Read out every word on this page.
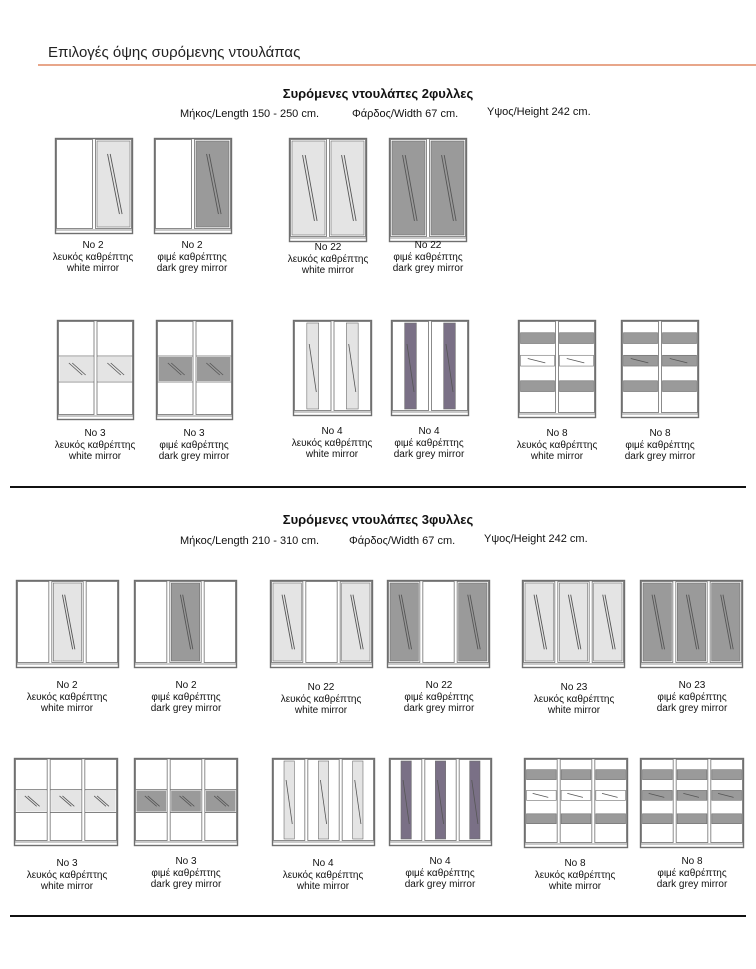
Επιλογές όψης συρόμενης ντουλάπας
Συρόμενες ντουλάπες 2φυλλες
Μήκος/Length 150 - 250 cm.	Φάρδος/Width 67 cm.	Υψος/Height 242 cm.
Συρόμενες ντουλάπες 3φυλλες
Μήκος/Length 210 - 310 cm.	Φάρδος/Width 67 cm.	Υψος/Height 242 cm.
No 2
λευκός καθρέπτης
white mirror
No 2
φιμέ καθρέπτης
dark grey mirror
No 22
λευκός καθρέπτης
white mirror
No 22
φιμέ καθρέπτης
dark grey mirror
No 3
λευκός καθρέπτης
white mirror
No 3
φιμέ καθρέπτης
dark grey mirror
No 4
λευκός καθρέπτης
white mirror
No 4
φιμέ καθρέπτης
dark grey mirror
No 8
λευκός καθρέπτης
white mirror
No 8
φιμέ καθρέπτης
dark grey mirror
No 2
λευκός καθρέπτης
white mirror
No 2
φιμέ καθρέπτης
dark grey mirror
No 22
λευκός καθρέπτης
white mirror
No 22
φιμέ καθρέπτης
dark grey mirror
No 23
λευκός καθρέπτης
white mirror
No 23
φιμέ καθρέπτης
dark grey mirror
No 3
λευκός καθρέπτης
white mirror
No 3
φιμέ καθρέπτης
dark grey mirror
No 4
λευκός καθρέπτης
white mirror
No 4
φιμέ καθρέπτης
dark grey mirror
No 8
λευκός καθρέπτης
white mirror
No 8
φιμέ καθρέπτης
dark grey mirror
